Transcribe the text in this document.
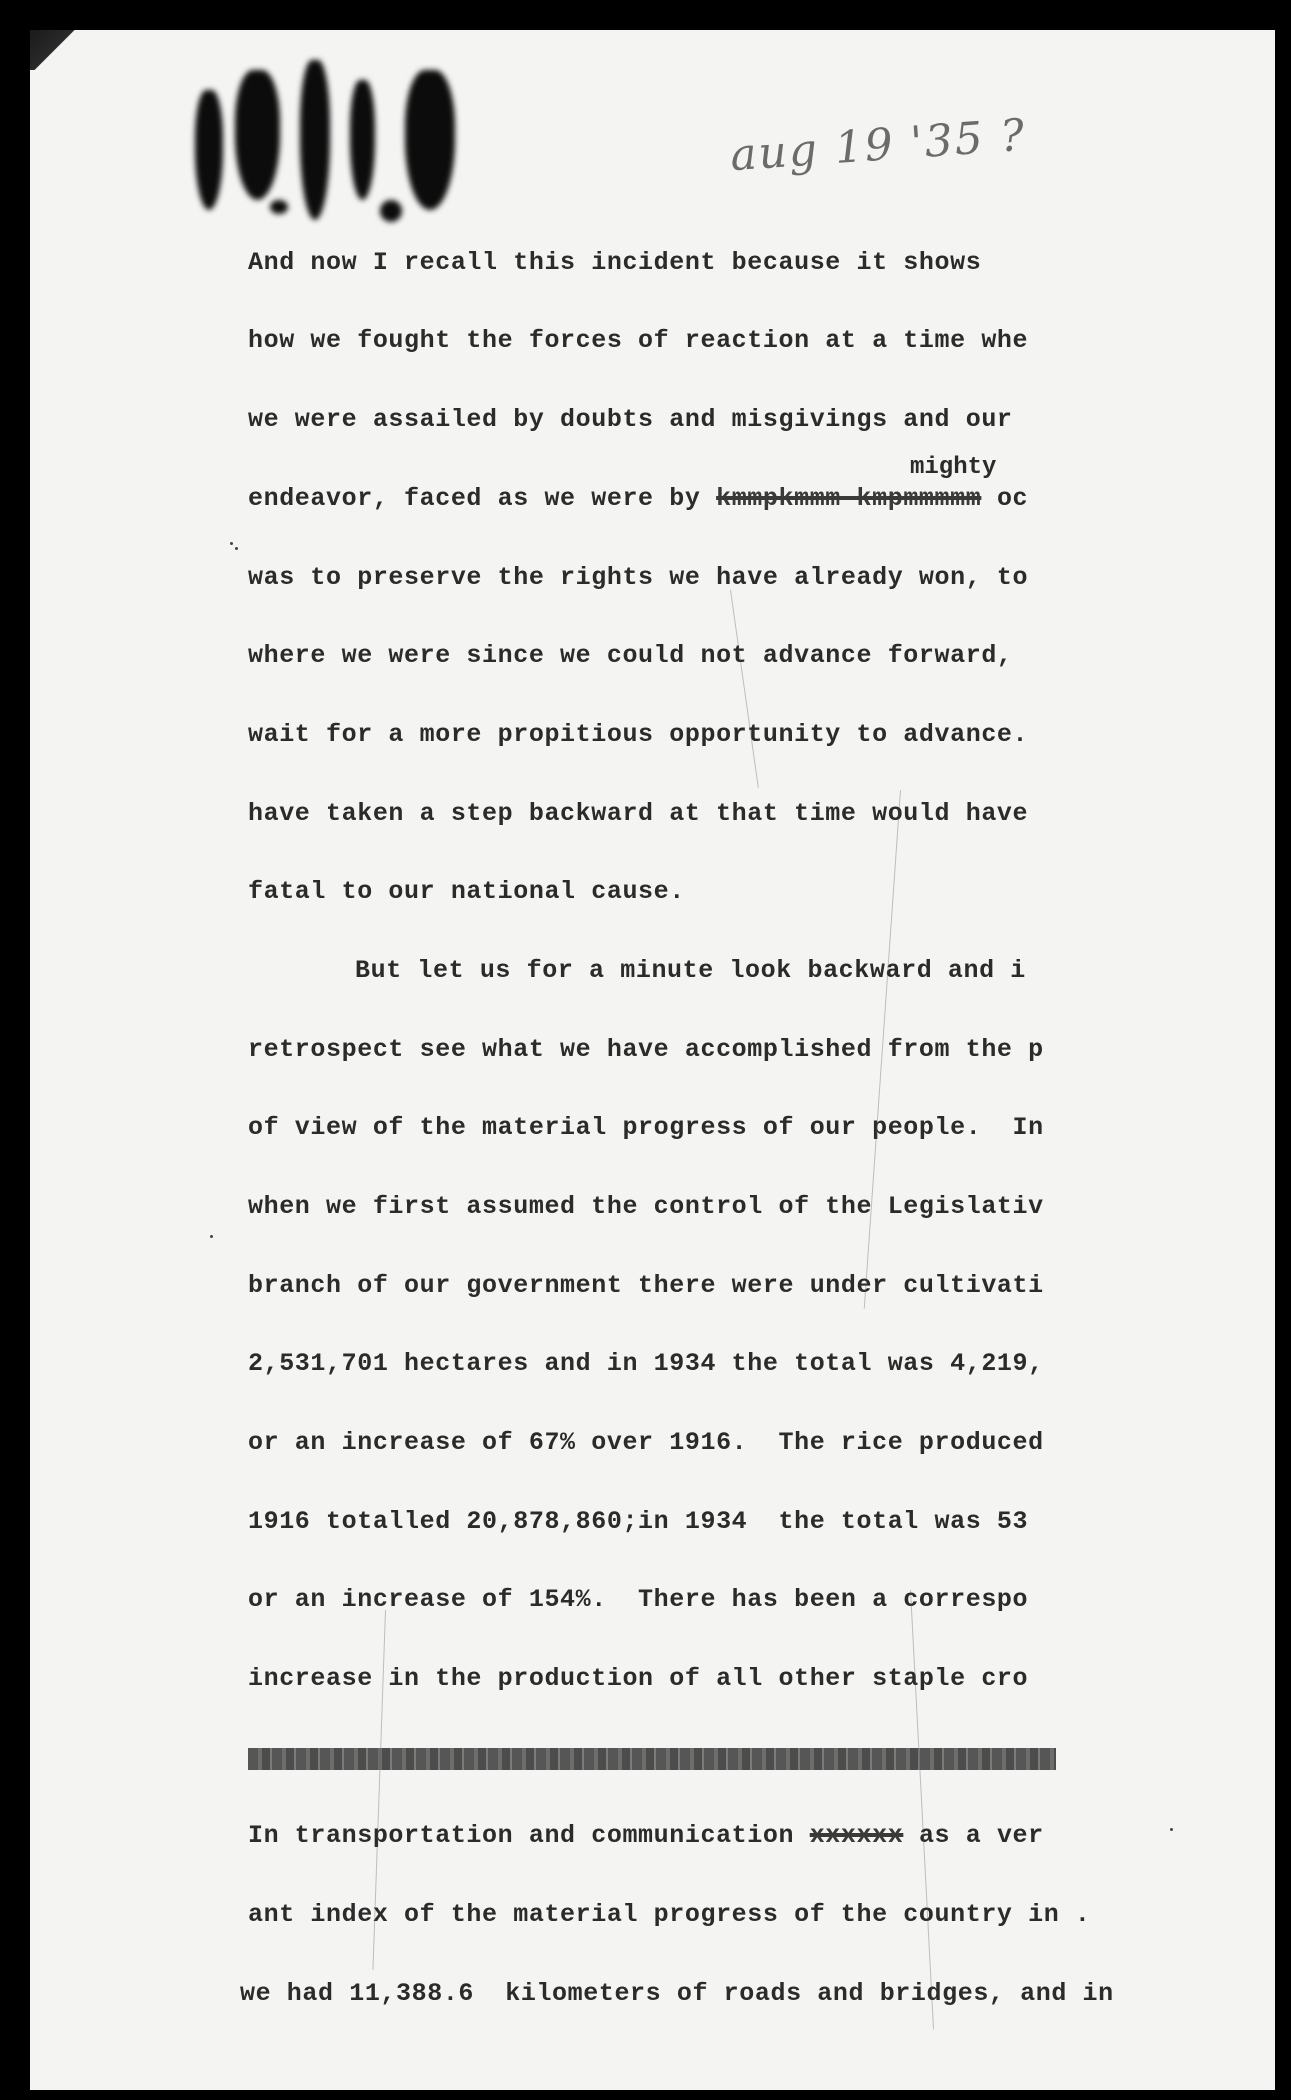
aug 19 '35 ?
mighty
And now I recall this incident because it shows
how we fought the forces of reaction at a time whe
we were assailed by doubts and misgivings and our
endeavor, faced as we were by kmmpkmmm kmpmmmmm oc
was to preserve the rights we have already won, to
where we were since we could not advance forward,
wait for a more propitious opportunity to advance.
have taken a step backward at that time would have
fatal to our national cause.
But let us for a minute look backward and i
retrospect see what we have accomplished from the p
of view of the material progress of our people.  In
when we first assumed the control of the Legislativ
branch of our government there were under cultivati
2,531,701 hectares and in 1934 the total was 4,219,
or an increase of 67% over 1916.  The rice produced
1916 totalled 20,878,860;in 1934  the total was 53
or an increase of 154%.  There has been a correspo
increase in the production of all other staple cro
In transportation and communication xxxxxx as a ver
ant index of the material progress of the country in .
we had 11,388.6  kilometers of roads and bridges, and in
